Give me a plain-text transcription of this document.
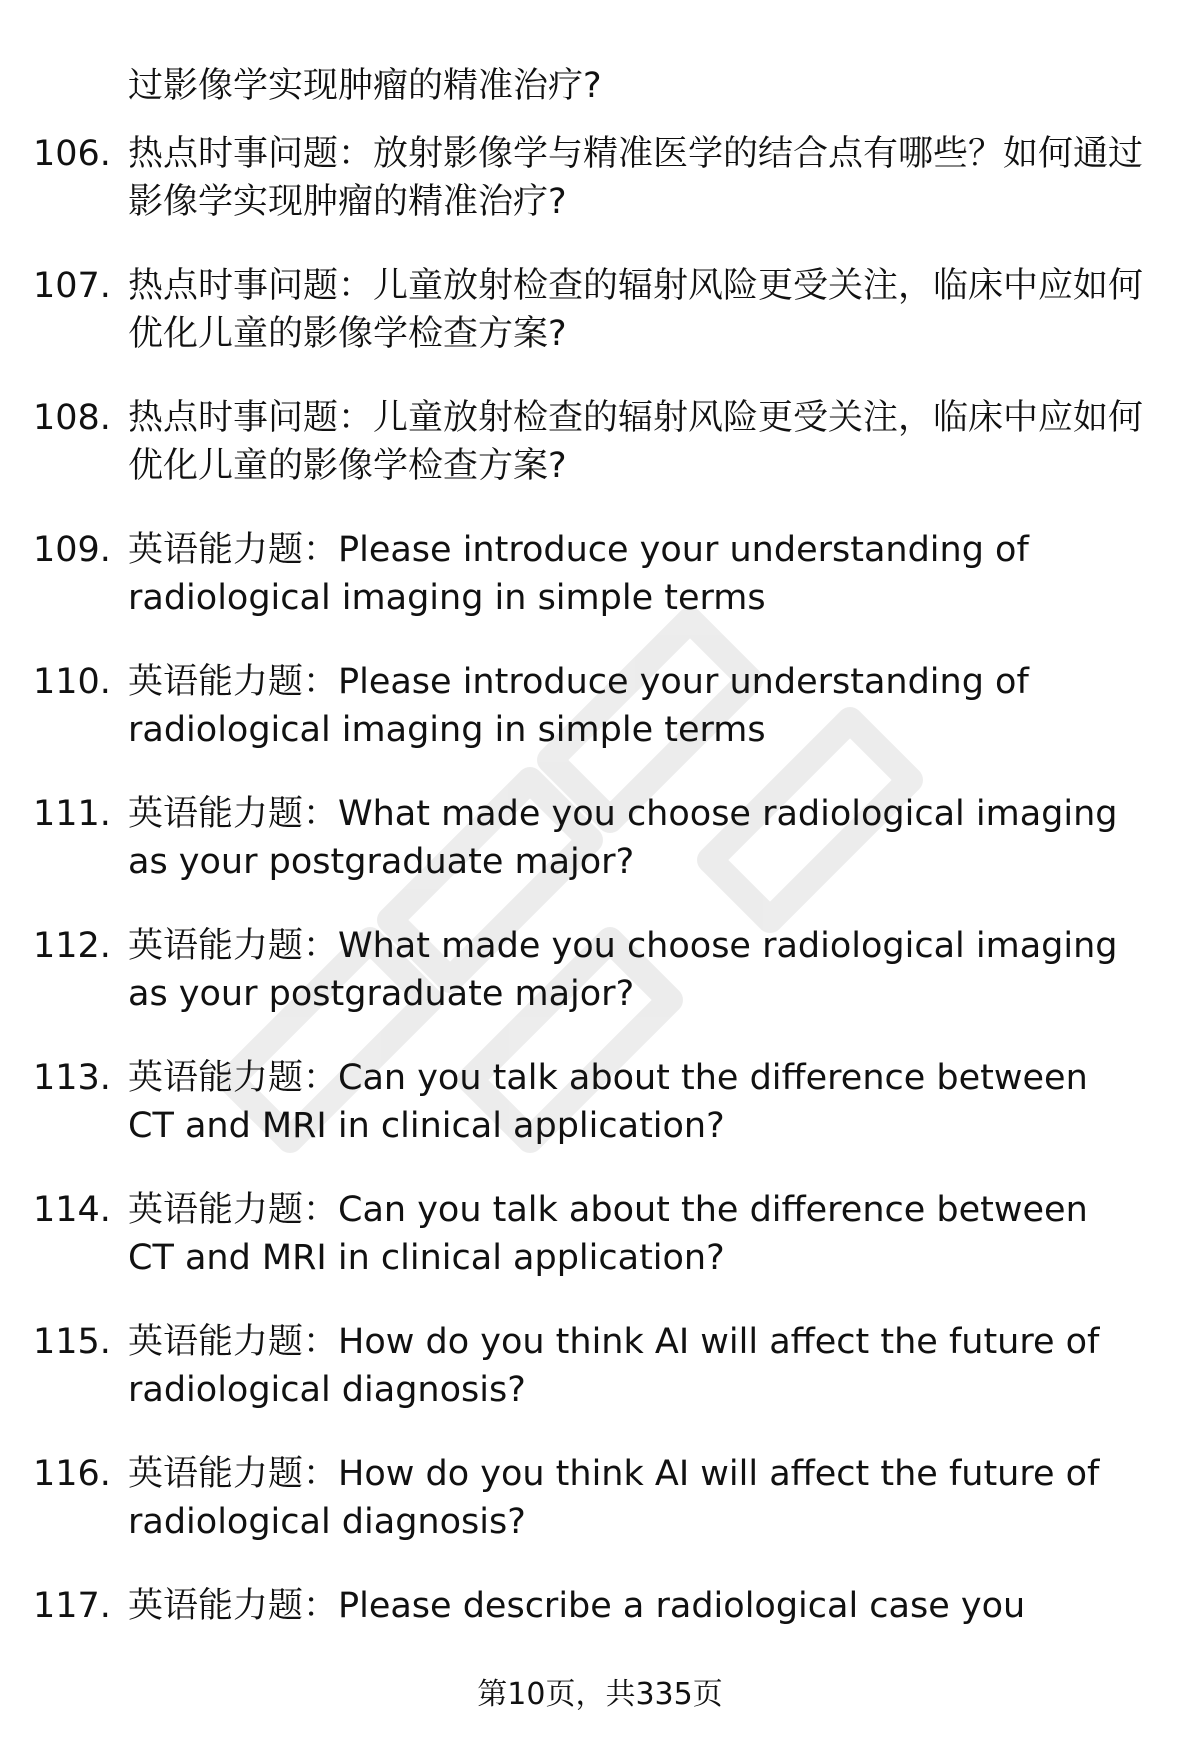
过影像学实现肿瘤的精准治疗?
106. 热点时事问题：放射影像学与精准医学的结合点有哪些？如何通过影像学实现肿瘤的精准治疗?
107. 热点时事问题：儿童放射检查的辐射风险更受关注，临床中应如何优化儿童的影像学检查方案?
108. 热点时事问题：儿童放射检查的辐射风险更受关注，临床中应如何优化儿童的影像学检查方案?
109. 英语能力题：Please introduce your understanding of radiological imaging in simple terms
110. 英语能力题：Please introduce your understanding of radiological imaging in simple terms
111. 英语能力题：What made you choose radiological imaging as your postgraduate major?
112. 英语能力题：What made you choose radiological imaging as your postgraduate major?
113. 英语能力题：Can you talk about the difference between CT and MRI in clinical application?
114. 英语能力题：Can you talk about the difference between CT and MRI in clinical application?
115. 英语能力题：How do you think AI will affect the future of radiological diagnosis?
116. 英语能力题：How do you think AI will affect the future of radiological diagnosis?
117. 英语能力题：Please describe a radiological case you
第10页，共335页
